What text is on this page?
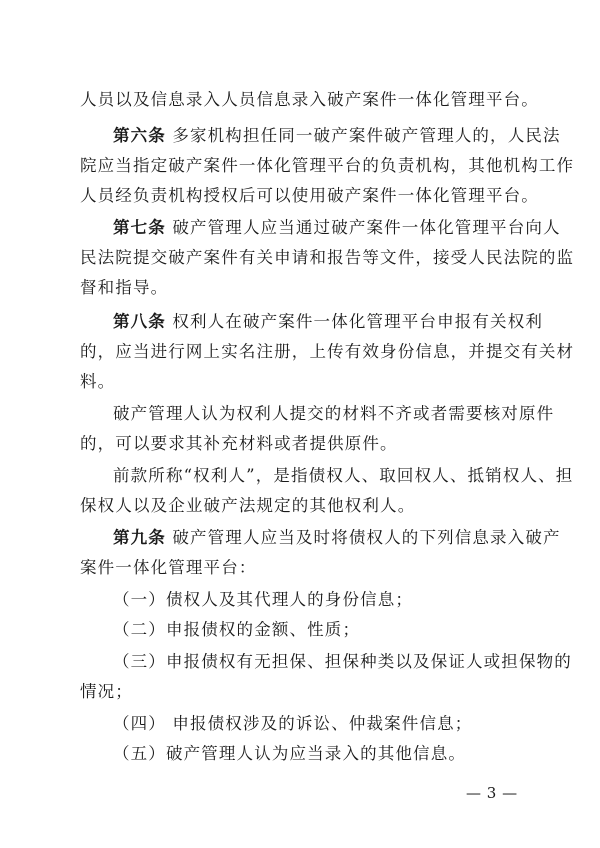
人员以及信息录入人员信息录入破产案件一体化管理平台。
第六条 多家机构担任同一破产案件破产管理人的，人民法
院应当指定破产案件一体化管理平台的负责机构，其他机构工作
人员经负责机构授权后可以使用破产案件一体化管理平台。
第七条 破产管理人应当通过破产案件一体化管理平台向人
民法院提交破产案件有关申请和报告等文件，接受人民法院的监
督和指导。
第八条 权利人在破产案件一体化管理平台申报有关权利
的，应当进行网上实名注册，上传有效身份信息，并提交有关材
料。
破产管理人认为权利人提交的材料不齐或者需要核对原件
的，可以要求其补充材料或者提供原件。
前款所称“权利人”，是指债权人、取回权人、抵销权人、担
保权人以及企业破产法规定的其他权利人。
第九条 破产管理人应当及时将债权人的下列信息录入破产
案件一体化管理平台：
（一）债权人及其代理人的身份信息；
（二）申报债权的金额、性质；
（三）申报债权有无担保、担保种类以及保证人或担保物的
情况；
（四） 申报债权涉及的诉讼、仲裁案件信息；
（五）破产管理人认为应当录入的其他信息。
— 3 —
